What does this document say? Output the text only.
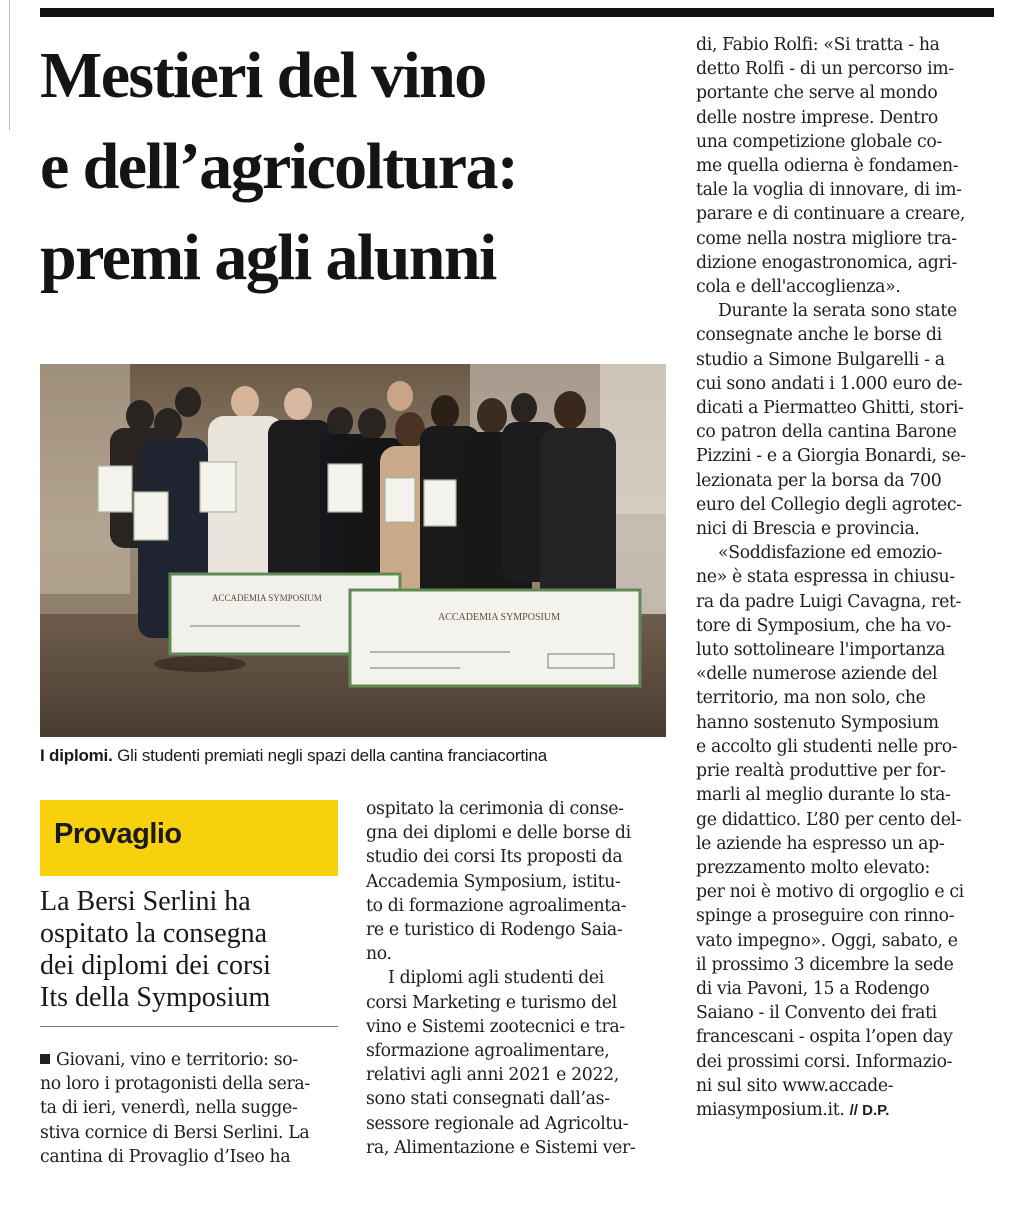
Mestieri del vino
e dell’agricoltura:
premi agli alunni
ACCADEMIA SYMPOSIUM
ACCADEMIA SYMPOSIUM
I diplomi. Gli studenti premiati negli spazi della cantina franciacortina
Provaglio
La Bersi Serlini ha
ospitato la consegna
dei diplomi dei corsi
Its della Symposium
Giovani, vino e territorio: so-
no loro i protagonisti della sera-
ta di ieri, venerdì, nella sugge-
stiva cornice di Bersi Serlini. La
cantina di Provaglio d’Iseo ha
ospitato la cerimonia di conse-
gna dei diplomi e delle borse di
studio dei corsi Its proposti da
Accademia Symposium, istitu-
to di formazione agroalimenta-
re e turistico di Rodengo Saia-
no.
I diplomi agli studenti dei
corsi Marketing e turismo del
vino e Sistemi zootecnici e tra-
sformazione agroalimentare,
relativi agli anni 2021 e 2022,
sono stati consegnati dall’as-
sessore regionale ad Agricoltu-
ra, Alimentazione e Sistemi ver-
di, Fabio Rolfi: «Si tratta - ha
detto Rolfi - di un percorso im-
portante che serve al mondo
delle nostre imprese. Dentro
una competizione globale co-
me quella odierna è fondamen-
tale la voglia di innovare, di im-
parare e di continuare a creare,
come nella nostra migliore tra-
dizione enogastronomica, agri-
cola e dell'accoglienza».
Durante la serata sono state
consegnate anche le borse di
studio a Simone Bulgarelli - a
cui sono andati i 1.000 euro de-
dicati a Piermatteo Ghitti, stori-
co patron della cantina Barone
Pizzini - e a Giorgia Bonardi, se-
lezionata per la borsa da 700
euro del Collegio degli agrotec-
nici di Brescia e provincia.
«Soddisfazione ed emozio-
ne» è stata espressa in chiusu-
ra da padre Luigi Cavagna, ret-
tore di Symposium, che ha vo-
luto sottolineare l'importanza
«delle numerose aziende del
territorio, ma non solo, che
hanno sostenuto Symposium
e accolto gli studenti nelle pro-
prie realtà produttive per for-
marli al meglio durante lo sta-
ge didattico. L’80 per cento del-
le aziende ha espresso un ap-
prezzamento molto elevato:
per noi è motivo di orgoglio e ci
spinge a proseguire con rinno-
vato impegno». Oggi, sabato, e
il prossimo 3 dicembre la sede
di via Pavoni, 15 a Rodengo
Saiano - il Convento dei frati
francescani - ospita l’open day
dei prossimi corsi. Informazio-
ni sul sito www.accade-
miasymposium.it. // D.P.
